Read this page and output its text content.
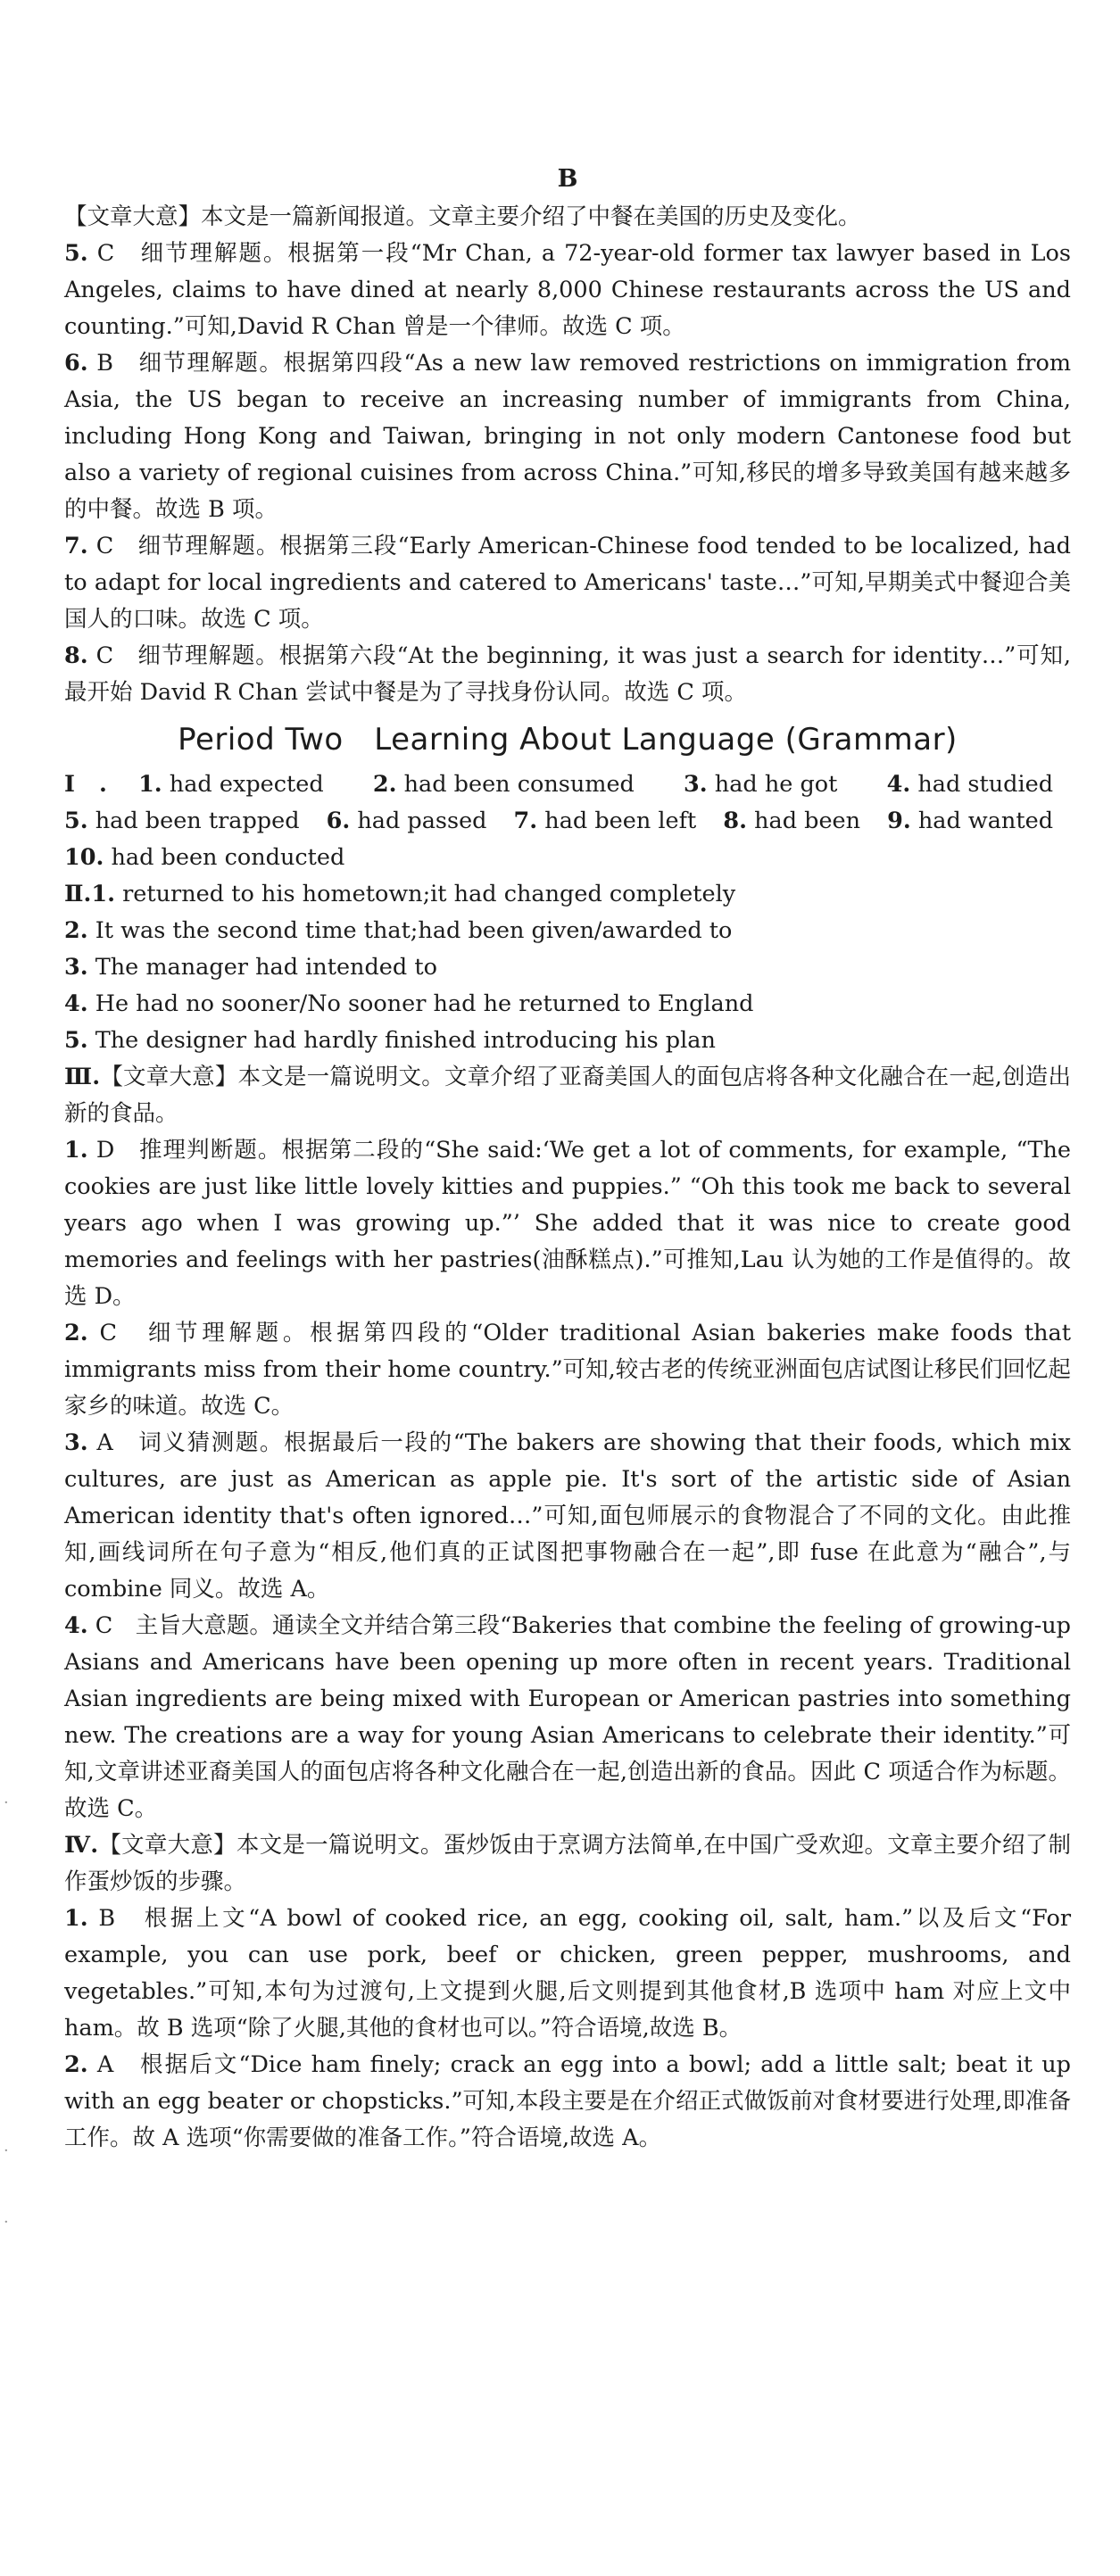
B

【文章大意】本文是一篇新闻报道。文章主要介绍了中餐在美国的历史及变化。

5. C　细节理解题。根据第一段“Mr Chan, a 72-year-old former tax lawyer based in Los Angeles, claims to have dined at nearly 8,000 Chinese restaurants across the US and counting.”可知,David R Chan 曾是一个律师。故选 C 项。

6. B　细节理解题。根据第四段“As a new law removed restrictions on immigration from Asia, the US began to receive an increasing number of immigrants from China, including Hong Kong and Taiwan, bringing in not only modern Cantonese food but also a variety of regional cuisines from across China.”可知,移民的增多导致美国有越来越多的中餐。故选 B 项。

7. C　细节理解题。根据第三段“Early American-Chinese food tended to be localized, had to adapt for local ingredients and catered to Americans' taste…”可知,早期美式中餐迎合美国人的口味。故选 C 项。

8. C　细节理解题。根据第六段“At the beginning, it was just a search for identity…”可知,最开始 David R Chan 尝试中餐是为了寻找身份认同。故选 C 项。

Period Two　Learning About Language (Grammar)

Ⅰ. 1. had expected 2. had been consumed 3. had he got 4. had studied 5. had been trapped 6. had passed 7. had been left 8. had been 9. had wanted 10. had been conducted

Ⅱ.1. returned to his hometown;it had changed completely

2. It was the second time that;had been given/awarded to

3. The manager had intended to

4. He had no sooner/No sooner had he returned to England

5. The designer had hardly finished introducing his plan

Ⅲ.【文章大意】本文是一篇说明文。文章介绍了亚裔美国人的面包店将各种文化融合在一起,创造出新的食品。

1. D　推理判断题。根据第二段的“She said:‘We get a lot of comments, for example, “The cookies are just like little lovely kitties and puppies.” “Oh this took me back to several years ago when I was growing up.”’ She added that it was nice to create good memories and feelings with her pastries(油酥糕点).”可推知,Lau 认为她的工作是值得的。故选 D。

2. C　细节理解题。根据第四段的“Older traditional Asian bakeries make foods that immigrants miss from their home country.”可知,较古老的传统亚洲面包店试图让移民们回忆起家乡的味道。故选 C。

3. A　词义猜测题。根据最后一段的“The bakers are showing that their foods, which mix cultures, are just as American as apple pie. It's sort of the artistic side of Asian American identity that's often ignored…”可知,面包师展示的食物混合了不同的文化。由此推知,画线词所在句子意为“相反,他们真的正试图把事物融合在一起”,即 fuse 在此意为“融合”,与 combine 同义。故选 A。

4. C　主旨大意题。通读全文并结合第三段“Bakeries that combine the feeling of growing-up Asians and Americans have been opening up more often in recent years. Traditional Asian ingredients are being mixed with European or American pastries into something new. The creations are a way for young Asian Americans to celebrate their identity.”可知,文章讲述亚裔美国人的面包店将各种文化融合在一起,创造出新的食品。因此 C 项适合作为标题。故选 C。

Ⅳ.【文章大意】本文是一篇说明文。蛋炒饭由于烹调方法简单,在中国广受欢迎。文章主要介绍了制作蛋炒饭的步骤。

1. B　根据上文“A bowl of cooked rice, an egg, cooking oil, salt, ham.”以及后文“For example, you can use pork, beef or chicken, green pepper, mushrooms, and vegetables.”可知,本句为过渡句,上文提到火腿,后文则提到其他食材,B 选项中 ham 对应上文中 ham。故 B 选项“除了火腿,其他的食材也可以。”符合语境,故选 B。

2. A　根据后文“Dice ham finely; crack an egg into a bowl; add a little salt; beat it up with an egg beater or chopsticks.”可知,本段主要是在介绍正式做饭前对食材要进行处理,即准备工作。故 A 选项“你需要做的准备工作。”符合语境,故选 A。

·
·
·
